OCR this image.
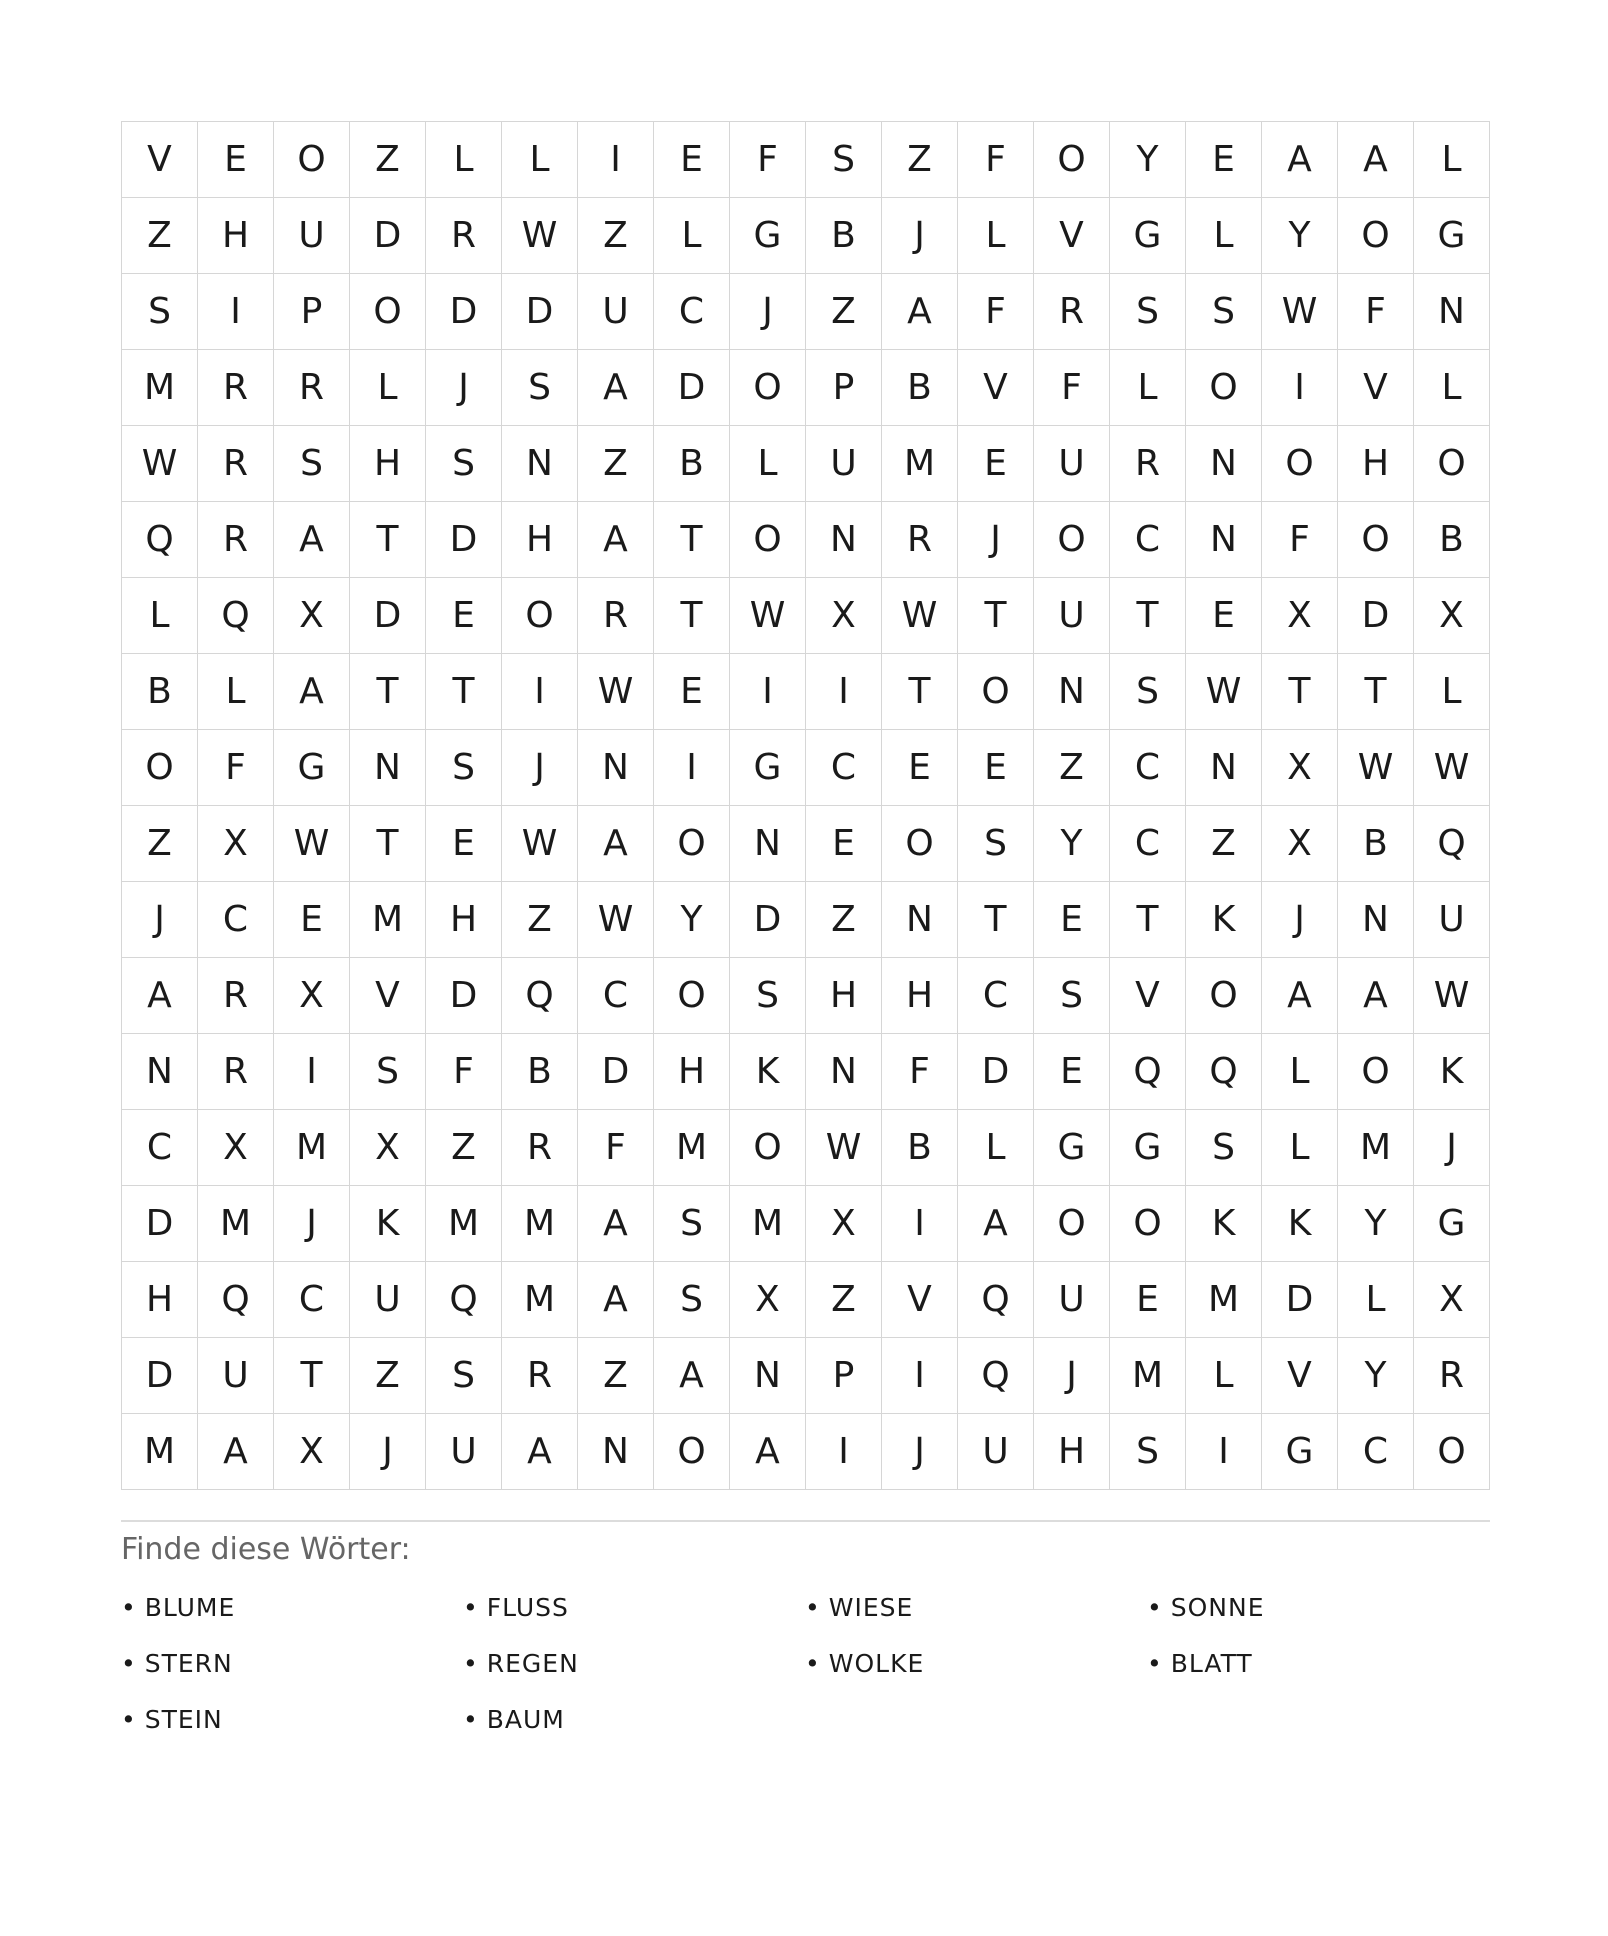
V	E	O	Z	L	L	I	E	F	S	Z	F	O	Y	E	A	A	L
Z	H	U	D	R	W	Z	L	G	B	J	L	V	G	L	Y	O	G
S	I	P	O	D	D	U	C	J	Z	A	F	R	S	S	W	F	N
M	R	R	L	J	S	A	D	O	P	B	V	F	L	O	I	V	L
W	R	S	H	S	N	Z	B	L	U	M	E	U	R	N	O	H	O
Q	R	A	T	D	H	A	T	O	N	R	J	O	C	N	F	O	B
L	Q	X	D	E	O	R	T	W	X	W	T	U	T	E	X	D	X
B	L	A	T	T	I	W	E	I	I	T	O	N	S	W	T	T	L
O	F	G	N	S	J	N	I	G	C	E	E	Z	C	N	X	W	W
Z	X	W	T	E	W	A	O	N	E	O	S	Y	C	Z	X	B	Q
J	C	E	M	H	Z	W	Y	D	Z	N	T	E	T	K	J	N	U
A	R	X	V	D	Q	C	O	S	H	H	C	S	V	O	A	A	W
N	R	I	S	F	B	D	H	K	N	F	D	E	Q	Q	L	O	K
C	X	M	X	Z	R	F	M	O	W	B	L	G	G	S	L	M	J
D	M	J	K	M	M	A	S	M	X	I	A	O	O	K	K	Y	G
H	Q	C	U	Q	M	A	S	X	Z	V	Q	U	E	M	D	L	X
D	U	T	Z	S	R	Z	A	N	P	I	Q	J	M	L	V	Y	R
M	A	X	J	U	A	N	O	A	I	J	U	H	S	I	G	C	O
Finde diese Wörter:
• BLUME	• FLUSS	• WIESE	• SONNE
• STERN	• REGEN	• WOLKE	• BLATT
• STEIN	• BAUM
